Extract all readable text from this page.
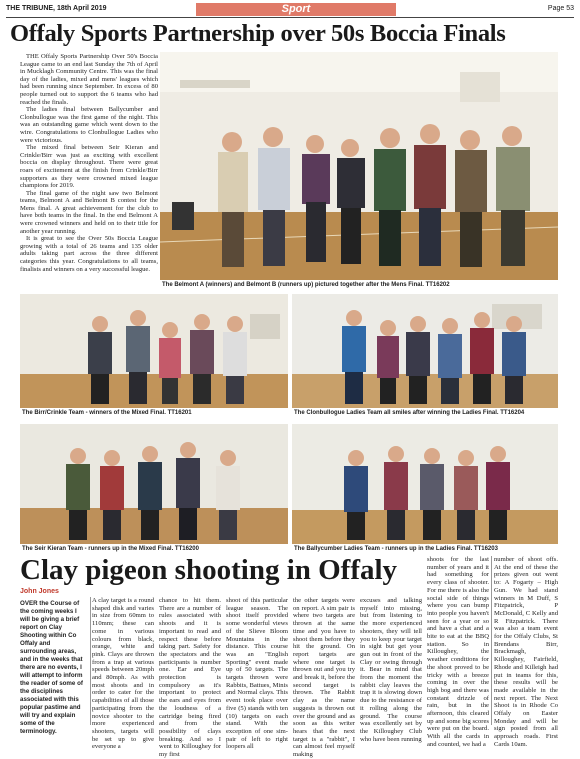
THE TRIBUNE, 18th April 2019	Sport	Page 53
Offaly Sports Partnership over 50s Boccia Finals

THE Offaly Sports Partnership Over 50's Boccia League came to an end last Sunday the 7th of April in Mucklagh Community Centre. This was the final day of the ladies, mixed and mens' leagues which had been running since September. In excess of 80 people turned out to support the 6 teams who had reached the finals.

The ladies final between Ballycumber and Clonbullogue was the first game of the night. This was an outstanding game which went down to the wire. Congratulations to Clonbullogue Ladies who were victorious.

The mixed final between Seir Kieran and Crinkle/Birr was just as exciting with excellent boccia on display throughout. There were great roars of excitement at the finish from Crinkle/Birr supporters as they were crowned mixed league champions for 2019.

The final game of the night saw two Belmont teams, Belmont A and Belmont B contest for the Mens final. A great achievement for the club to have both teams in the final. In the end Belmont A were crowned winners and held on to their title for another year running.

It is great to see the Over 50s Boccia League growing with a total of 26 teams and 135 older adults taking part across the three different categories this year. Congratulations to all teams, finalists and winners on a very successful league.

The Belmont A (winners) and Belmont B (runners up) pictured together after the Mens Final. TT16202
The Birr/Crinkle Team - winners of the Mixed Final. TT16201	The Clonbullogue Ladies Team all smiles after winning the Ladies Final. TT16204
The Seir Kieran Team - runners up in the Mixed Final. TT16200	The Ballycumber Ladies Team - runners up in the Ladies Final. TT16203
Clay pigeon shooting in Offaly
John Jones
OVER the Course of the coming weeks I will be giving a brief report on Clay Shooting within Co Offaly and surrounding areas, and in the weeks that there are no events, I will attempt to inform the reader of some of the disciplines associated with this popular pastime and will try and explain some of the terminology.
A clay target is a round shaped disk and varies in size from 60mm to 110mm; these can come in various colours from black, orange, white and pink. Clays are thrown from a trap at various speeds between 20mph and 80mph. As with most shoots and in order to cater for the capabilities of all those participating from the novice shooter to the more experienced shooters, targets will be set up to give everyone a
chance to hit them. There are a number of rules associated with shoots and it is important to read and respect these before taking part. Safety for the spectators and the participants is number one. Ear and Eye protection is compulsory as it's important to protect the ears and eyes from the loudness of a cartridge being fired and from the possibility of clays breaking. And so I went to Killoughey for my first
shoot of this particular league season. The shoot itself provided some wonderful views of the Slieve Bloom Mountains in the distance. This course was an "English Sporting" event made up of 50 targets. The targets thrown were Rabbits, Battues, Minis and Normal clays. This event took place over five (5) stands with ten (10) targets on each stand. With the exception of one sim-pair of left to right loopers all
the other targets were on report. A sim pair is where two targets are thrown at the same time and you have to shoot them before they hit the ground. On report targets are where one target is thrown out and you try and break it, before the second target is thrown. The Rabbit clay as the name suggests is thrown out over the ground and as soon as this writer hears that the next target is a "rabbit", I can almost feel myself making
excuses and talking myself into missing, but from listening to the more experienced shooters, they will tell you to keep your target in sight but get your gun out in front of the Clay or swing through it. Bear in mind that from the moment the rabbit clay leaves the trap it is slowing down due to the resistance of it rolling along the ground. The course was excellently set by the Killoughey Club who have been running
shoots for the last number of years and it had something for every class of shooter. For me there is also the social side of things where you can bump into people you haven't seen for a year or so and have a chat and a bite to eat at the BBQ station. So in Killoughey, the weather conditions for the shoot proved to be tricky with a breeze coming in over the high bog and there was constant drizzle of rain, but in the afternoon, this cleared up and some big scores were put on the board. With all the cards in and counted, we had a
number of shoot offs. At the end of these the prizes given out went to: A Fogarty – High Gun. We had stand winners in M Duff, S Fitzpatrick, P McDonald, C Kelly and R Fitzpatrick. There was also a team event for the Offaly Clubs, St Brendans Birr, Brackmagh, Killoughey, Fairfield, Rhode and Killeigh had put in teams for this, these results will be made available in the next report. The Next Shoot is in Rhode Co Offaly on Easter Monday and will be sign posted from all approach roads. First Cards 10am.
